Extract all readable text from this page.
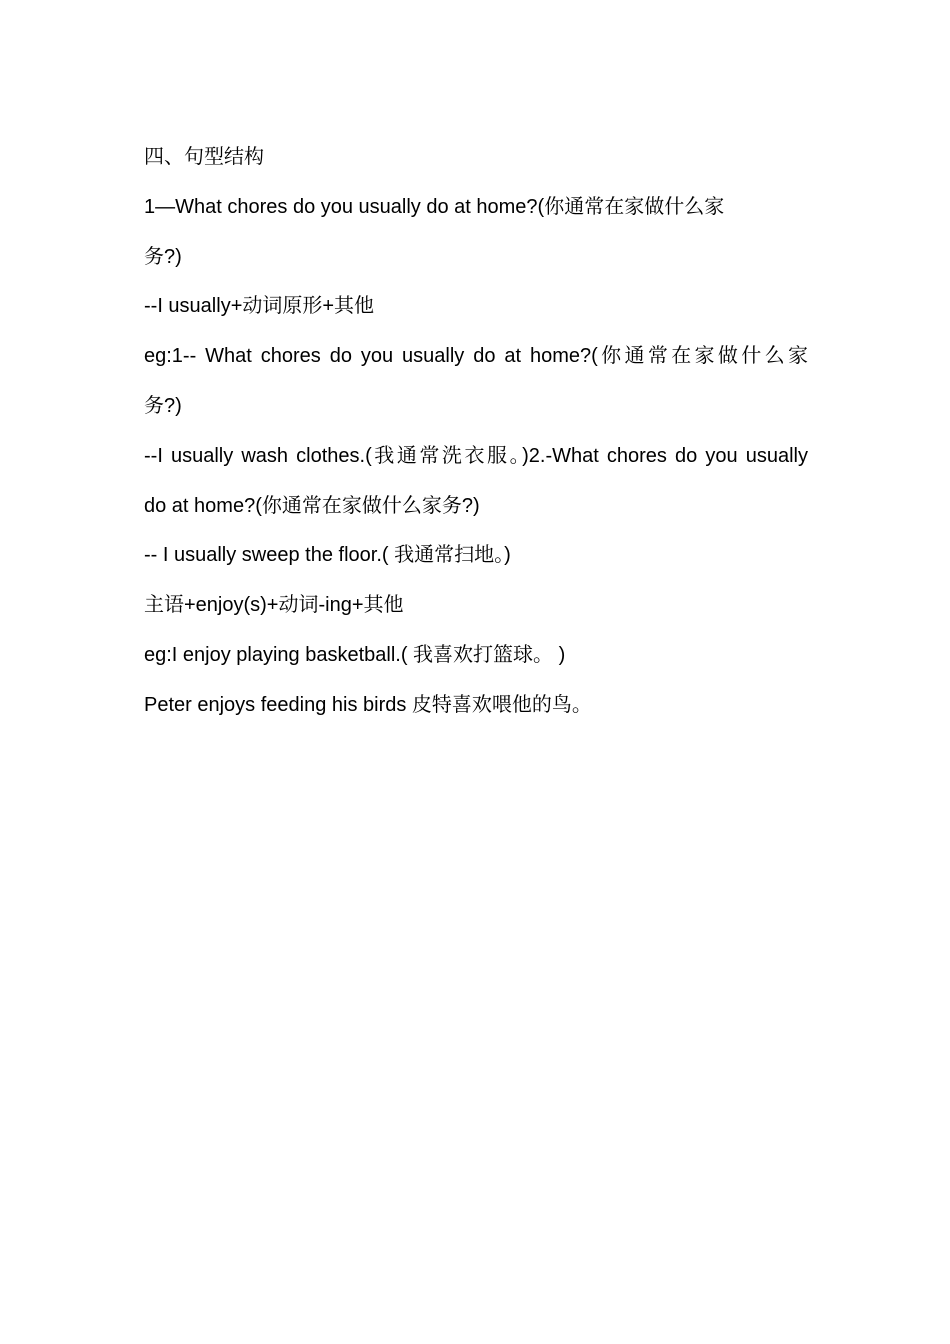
四、句型结构
1—What chores do you usually do at home?(你通常在家做什么家
务?)
--I usually+动词原形+其他
eg:1-- What chores do you usually do at home?(你通常在家做什么家
务?)
--I usually wash clothes.(我通常洗衣服。)2.-What chores do you usually
do at home?(你通常在家做什么家务?)
-- I usually sweep the floor.( 我通常扫地。)
主语+enjoy(s)+动词-ing+其他
eg:I enjoy playing basketball.( 我喜欢打篮球。 )
Peter enjoys feeding his birds 皮特喜欢喂他的鸟。
